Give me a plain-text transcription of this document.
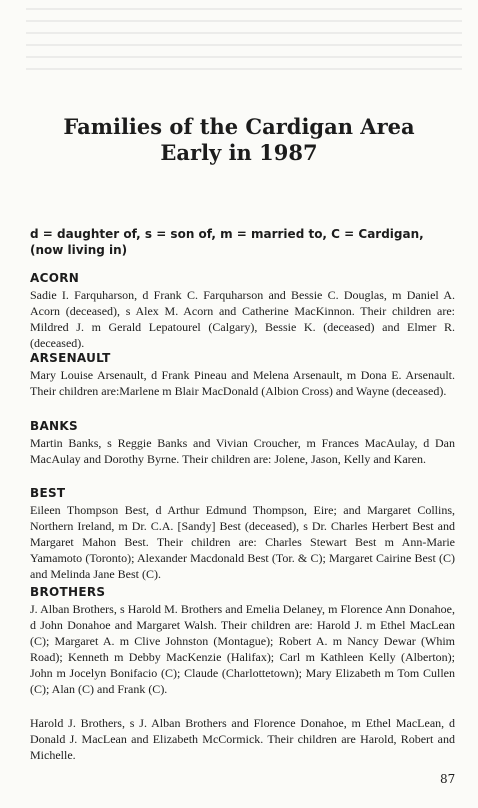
Families of the Cardigan Area
Early in 1987
d = daughter of, s = son of, m = married to, C = Cardigan, (now living in)
ACORN

Sadie I. Farquharson, d Frank C. Farquharson and Bessie C. Douglas, m Daniel A. Acorn (deceased), s Alex M. Acorn and Catherine MacKinnon. Their children are: Mildred J. m Gerald Lepatourel (Calgary), Bessie K. (deceased) and Elmer R. (deceased).

ARSENAULT

Mary Louise Arsenault, d Frank Pineau and Melena Arsenault, m Dona E. Arsenault. Their children are:Marlene m Blair MacDonald (Albion Cross) and Wayne (deceased).

BANKS

Martin Banks, s Reggie Banks and Vivian Croucher, m Frances MacAulay, d Dan MacAulay and Dorothy Byrne. Their children are: Jolene, Jason, Kelly and Karen.

BEST

Eileen Thompson Best, d Arthur Edmund Thompson, Eire; and Margaret Collins, Northern Ireland, m Dr. C.A. [Sandy] Best (deceased), s Dr. Charles Herbert Best and Margaret Mahon Best. Their children are: Charles Stewart Best m Ann-Marie Yamamoto (Toronto); Alexander Macdonald Best (Tor. & C); Margaret Cairine Best (C) and Melinda Jane Best (C).

BROTHERS

J. Alban Brothers, s Harold M. Brothers and Emelia Delaney, m Florence Ann Donahoe, d John Donahoe and Margaret Walsh. Their children are: Harold J. m Ethel MacLean (C); Margaret A. m Clive Johnston (Montague); Robert A. m Nancy Dewar (Whim Road); Kenneth m Debby MacKenzie (Halifax); Carl m Kathleen Kelly (Alberton); John m Jocelyn Bonifacio (C); Claude (Charlottetown); Mary Elizabeth m Tom Cullen (C); Alan (C) and Frank (C).

Harold J. Brothers, s J. Alban Brothers and Florence Donahoe, m Ethel MacLean, d Donald J. MacLean and Elizabeth McCormick. Their children are Harold, Robert and Michelle.

87
